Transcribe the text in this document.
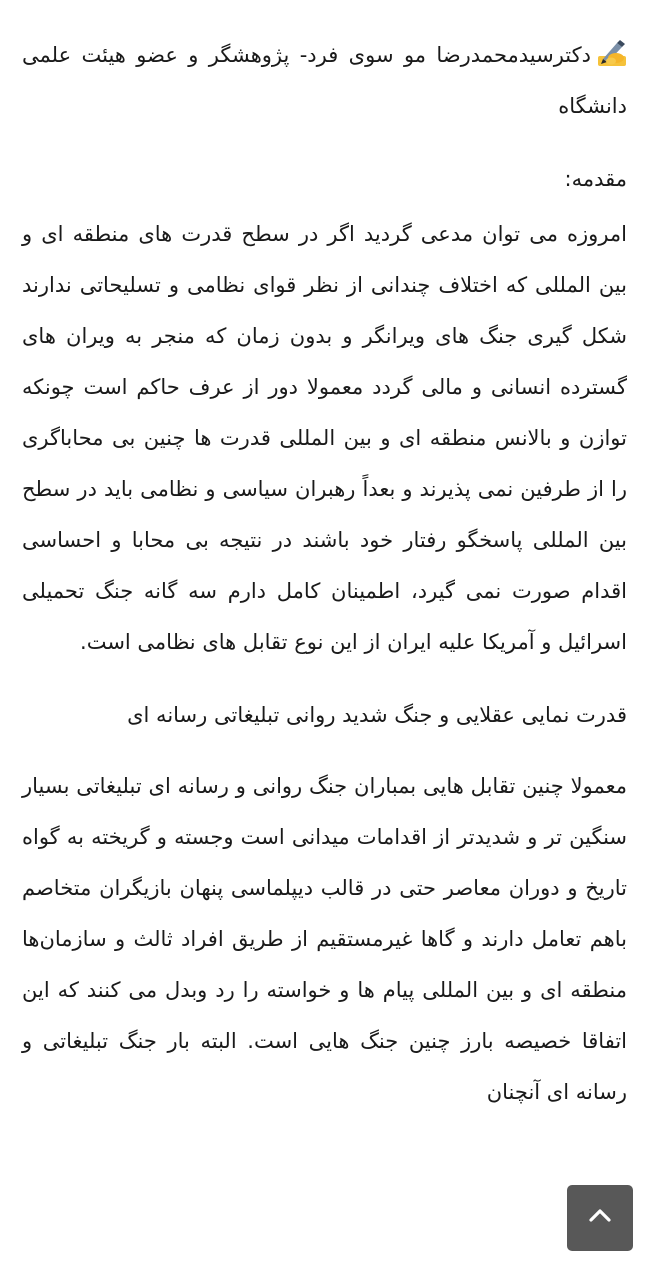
دکترسیدمحمدرضا مو سوی فرد- پژوهشگر و عضو هیئت علمی دانشگاه

مقدمه:

امروزه می توان مدعی گردید اگر در سطح قدرت های منطقه ای و بین المللی که اختلاف چندانی از نظر قوای نظامی و تسلیحاتی ندارند شکل گیری جنگ های ویرانگر و بدون زمان که منجر به ویران های گسترده انسانی و مالی گردد معمولا دور از عرف حاکم است چونکه توازن و بالانس منطقه ای و بین المللی قدرت ها چنین بی محاباگری را از طرفین نمی پذیرند و بعداً رهبران سیاسی و نظامی باید در سطح بین المللی پاسخگو رفتار خود باشند در نتیجه بی محابا و احساسی اقدام صورت نمی گیرد، اطمینان کامل دارم سه گانه جنگ تحمیلی اسرائیل و آمریکا علیه ایران از این نوع تقابل های نظامی است.

قدرت نمایی عقلایی و جنگ شدید روانی تبلیغاتی رسانه ای

معمولا چنین تقابل هایی بمباران جنگ روانی و رسانه ای تبلیغاتی بسیار سنگین تر و شدیدتر از اقدامات میدانی است وجسته و گریخته به گواه تاریخ و دوران معاصر حتی در قالب دیپلماسی پنهان بازیگران متخاصم باهم تعامل دارند و گاها غیرمستقیم از طریق افراد ثالث و سازمان‌ها منطقه ای و بین المللی پیام ها و خواسته را رد وبدل می کنند که این اتفاقا خصیصه بارز چنین جنگ هایی است. البته بار جنگ تبلیغاتی و رسانه ای آنچنان
